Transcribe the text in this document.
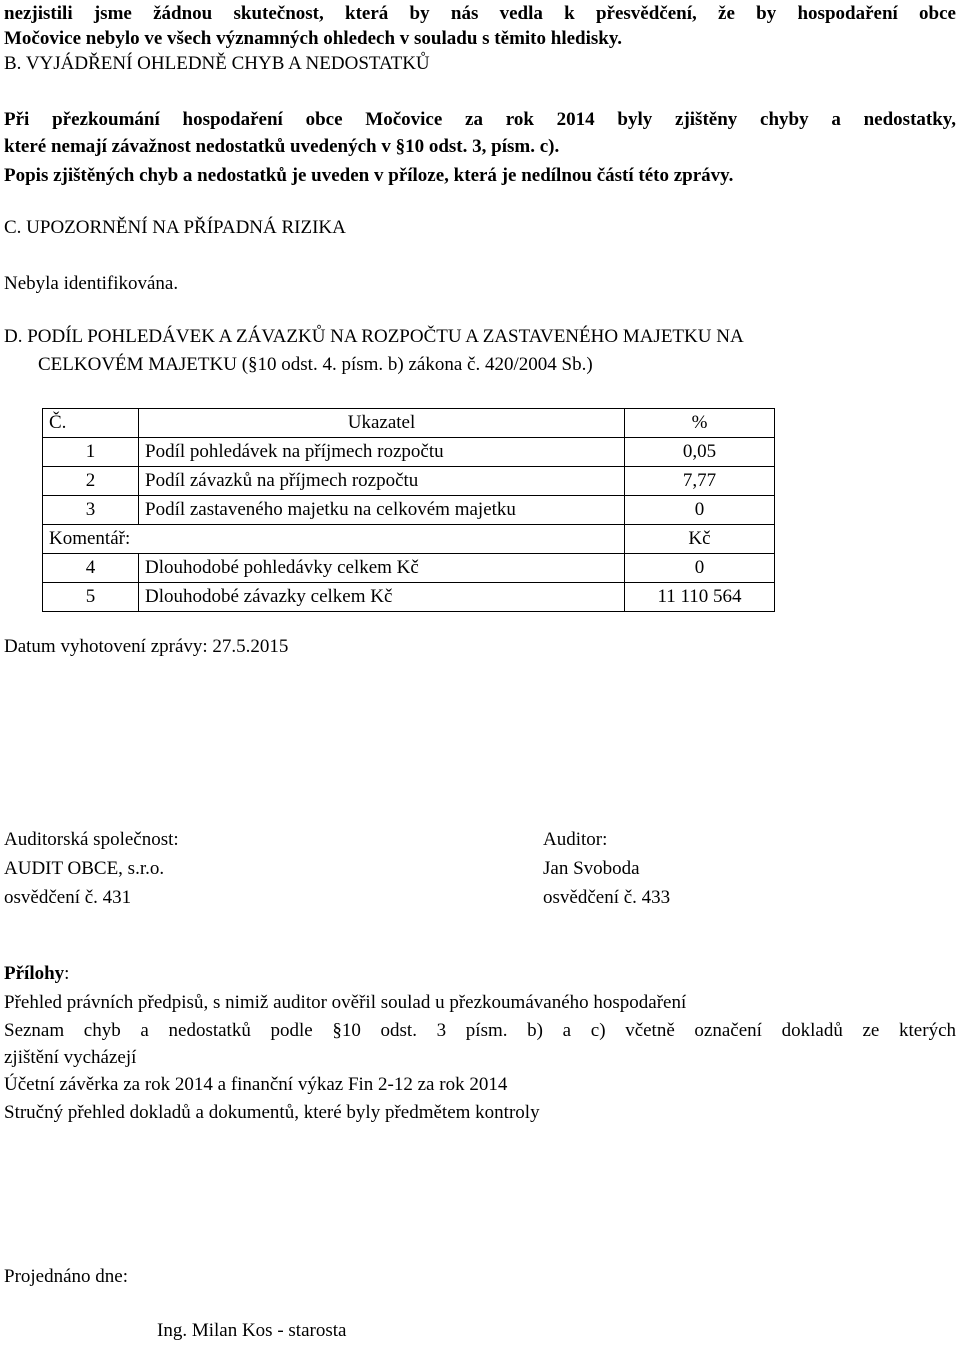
nezjistili jsme žádnou skutečnost, která by nás vedla k přesvědčení, že by hospodaření obce
Močovice nebylo ve všech významných ohledech v souladu s těmito hledisky.
B. VYJÁDŘENÍ OHLEDNĚ CHYB A NEDOSTATKŮ
Při přezkoumání hospodaření obce Močovice za rok 2014 byly zjištěny chyby a nedostatky,
které nemají závažnost nedostatků uvedených v §10 odst. 3, písm. c).
Popis zjištěných chyb a nedostatků je uveden v příloze, která je nedílnou částí této zprávy.
C. UPOZORNĚNÍ NA PŘÍPADNÁ RIZIKA
Nebyla identifikována.
D. PODÍL POHLEDÁVEK A ZÁVAZKŮ NA ROZPOČTU A ZASTAVENÉHO MAJETKU NA
CELKOVÉM MAJETKU (§10 odst. 4. písm. b) zákona č. 420/2004 Sb.)
Č.	Ukazatel	%
1	Podíl pohledávek na příjmech rozpočtu	0,05
2	Podíl závazků na příjmech rozpočtu	7,77
3	Podíl zastaveného majetku na celkovém majetku	0
Komentář:		Kč
4	Dlouhodobé pohledávky celkem Kč	0
5	Dlouhodobé závazky celkem Kč	11 110 564
Datum vyhotovení zprávy: 27.5.2015
Auditorská společnost:
AUDIT OBCE, s.r.o.
osvědčení č. 431
Auditor:
Jan Svoboda
osvědčení č. 433
Přílohy:
Přehled právních předpisů, s nimiž auditor ověřil soulad u přezkoumávaného hospodaření
Seznam chyb a nedostatků podle §10 odst. 3 písm. b) a c) včetně označení dokladů ze kterých
zjištění vycházejí
Účetní závěrka za rok 2014 a finanční výkaz Fin 2-12 za rok 2014
Stručný přehled dokladů a dokumentů, které byly předmětem kontroly
Projednáno dne:
Ing. Milan Kos - starosta
